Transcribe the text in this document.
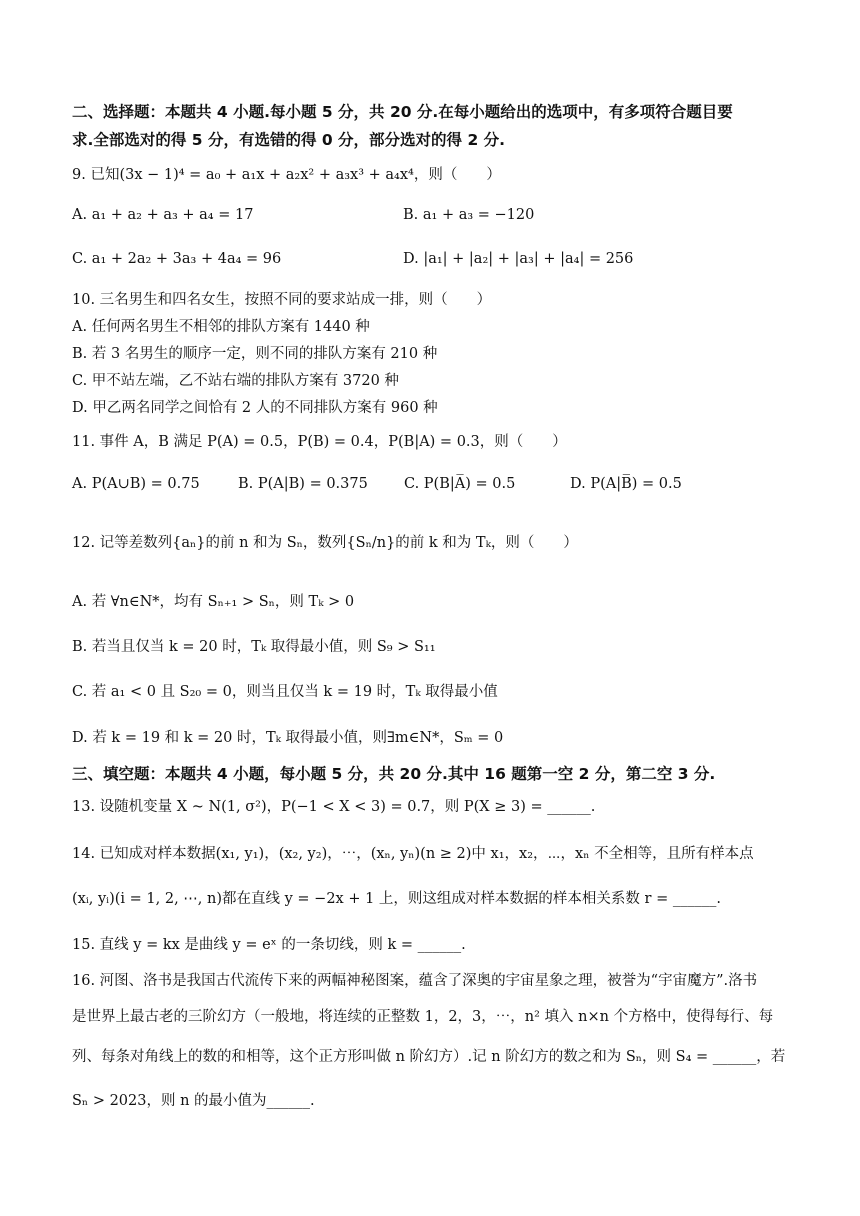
二、选择题：本题共 4 小题.每小题 5 分，共 20 分.在每小题给出的选项中，有多项符合题目要
求.全部选对的得 5 分，有选错的得 0 分，部分选对的得 2 分.
9. 已知(3x − 1)⁴ = a₀ + a₁x + a₂x² + a₃x³ + a₄x⁴，则（　　）
A. a₁ + a₂ + a₃ + a₄ = 17	B. a₁ + a₃ = −120
C. a₁ + 2a₂ + 3a₃ + 4a₄ = 96	D. |a₁| + |a₂| + |a₃| + |a₄| = 256
10. 三名男生和四名女生，按照不同的要求站成一排，则（　　）
A. 任何两名男生不相邻的排队方案有 1440 种
B. 若 3 名男生的顺序一定，则不同的排队方案有 210 种
C. 甲不站左端，乙不站右端的排队方案有 3720 种
D. 甲乙两名同学之间恰有 2 人的不同排队方案有 960 种
11. 事件 A，B 满足 P(A) = 0.5，P(B) = 0.4，P(B|A) = 0.3，则（　　）
A. P(A∪B) = 0.75	B. P(A|B) = 0.375 C. P(B|A̅) = 0.5	D. P(A|B̅) = 0.5
12. 记等差数列{aₙ}的前 n 和为 Sₙ，数列{Sₙ/n}的前 k 和为 Tₖ，则（　　）
A. 若 ∀n∈N*，均有 Sₙ₊₁ > Sₙ，则 Tₖ > 0
B. 若当且仅当 k = 20 时，Tₖ 取得最小值，则 S₉ > S₁₁
C. 若 a₁ < 0 且 S₂₀ = 0，则当且仅当 k = 19 时，Tₖ 取得最小值
D. 若 k = 19 和 k = 20 时，Tₖ 取得最小值，则∃m∈N*，Sₘ = 0
三、填空题：本题共 4 小题，每小题 5 分，共 20 分.其中 16 题第一空 2 分，第二空 3 分.
13. 设随机变量 X ~ N(1, σ²)，P(−1 < X < 3) = 0.7，则 P(X ≥ 3) = ______.
14. 已知成对样本数据(x₁, y₁)，(x₂, y₂)，⋯，(xₙ, yₙ)(n ≥ 2)中 x₁，x₂，⋯，xₙ 不全相等，且所有样本点
(xᵢ, yᵢ)(i = 1, 2, ⋯, n)都在直线 y = −2x + 1 上，则这组成对样本数据的样本相关系数 r = ______.
15. 直线 y = kx 是曲线 y = eˣ 的一条切线，则 k = ______.
16. 河图、洛书是我国古代流传下来的两幅神秘图案，蕴含了深奥的宇宙星象之理，被誉为“宇宙魔方”.洛书
是世界上最古老的三阶幻方（一般地，将连续的正整数 1，2，3，⋯，n² 填入 n×n 个方格中，使得每行、每
列、每条对角线上的数的和相等，这个正方形叫做 n 阶幻方）.记 n 阶幻方的数之和为 Sₙ，则 S₄ = ______，若
Sₙ > 2023，则 n 的最小值为______.
